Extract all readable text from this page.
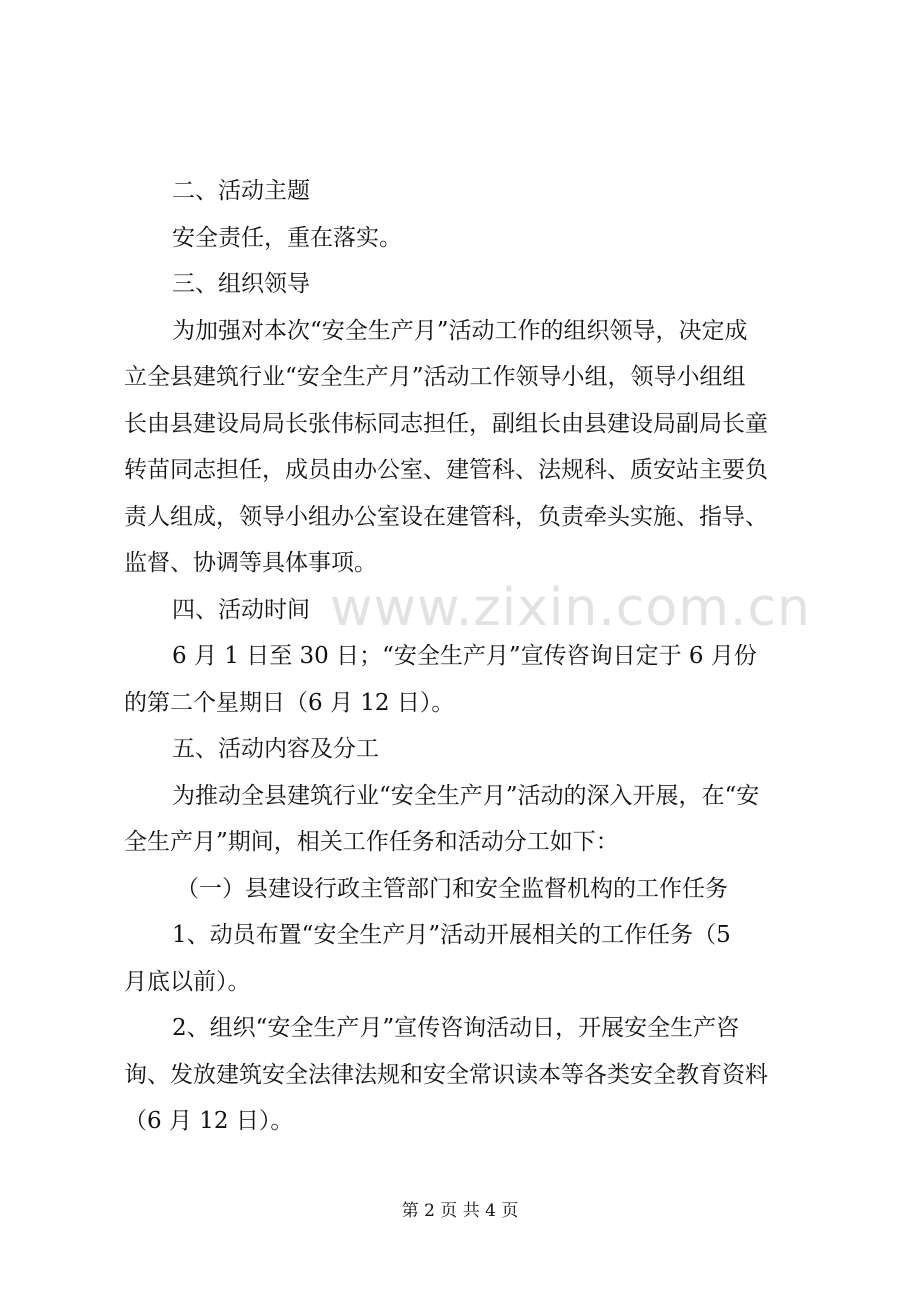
www.zixin.com.cn
二、活动主题
安全责任，重在落实。
三、组织领导
为加强对本次“安全生产月”活动工作的组织领导，决定成
立全县建筑行业“安全生产月”活动工作领导小组，领导小组组
长由县建设局局长张伟标同志担任，副组长由县建设局副局长童
转苗同志担任，成员由办公室、建管科、法规科、质安站主要负
责人组成，领导小组办公室设在建管科，负责牵头实施、指导、
监督、协调等具体事项。
四、活动时间
6 月 1 日至 30 日；“安全生产月”宣传咨询日定于 6 月份
的第二个星期日（6 月 12 日）。
五、活动内容及分工
为推动全县建筑行业“安全生产月”活动的深入开展，在“安
全生产月”期间，相关工作任务和活动分工如下：
（一）县建设行政主管部门和安全监督机构的工作任务
1、动员布置“安全生产月”活动开展相关的工作任务（5
月底以前）。
2、组织“安全生产月”宣传咨询活动日，开展安全生产咨
询、发放建筑安全法律法规和安全常识读本等各类安全教育资料
（6 月 12 日）。
第 2 页 共 4 页
